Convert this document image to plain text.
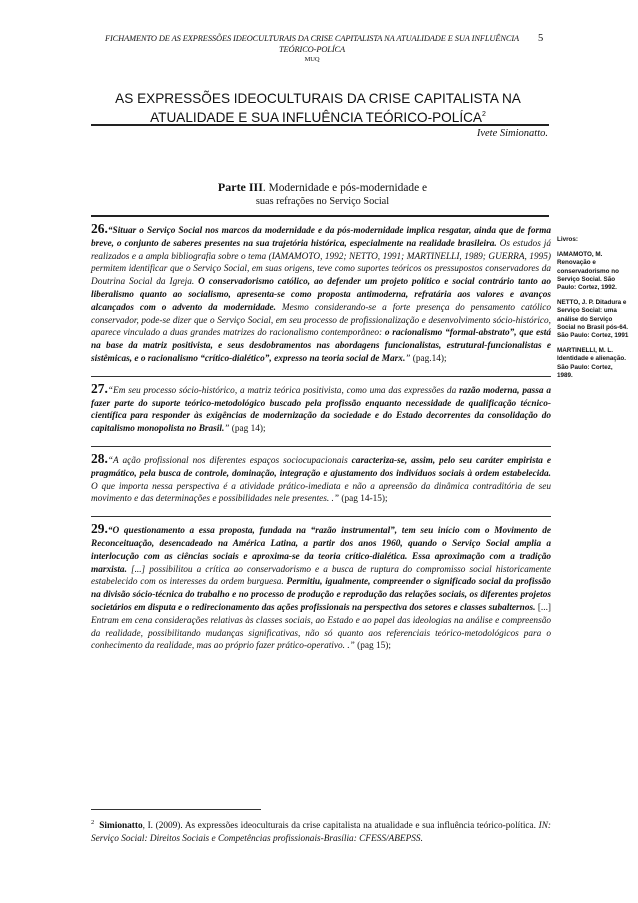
FICHAMENTO DE AS EXPRESSÕES IDEOCULTURAIS DA CRISE CAPITALISTA NA ATUALIDADE E SUA INFLUÊNCIA TEÓRICO-POLÍCA
MUQ
5
AS EXPRESSÕES IDEOCULTURAIS DA CRISE CAPITALISTA NA ATUALIDADE E SUA INFLUÊNCIA TEÓRICO-POLÍCA$^2$
Ivete Simionatto.
Parte III. Modernidade e pós-modernidade e
suas refrações no Serviço Social

26.“Situar o Serviço Social nos marcos da modernidade e da pós-modernidade implica resgatar, ainda que de forma breve, o conjunto de saberes presentes na sua trajetória histórica, especialmente na realidade brasileira. Os estudos já realizados e a ampla bibliografia sobre o tema (IAMAMOTO, 1992; NETTO, 1991; MARTINELLI, 1989; GUERRA, 1995) permitem identificar que o Serviço Social, em suas origens, teve como suportes teóricos os pressupostos conservadores da Doutrina Social da Igreja. O conservadorismo católico, ao defender um projeto político e social contrário tanto ao liberalismo quanto ao socialismo, apresenta-se como proposta antimoderna, refratária aos valores e avanços alcançados com o advento da modernidade. Mesmo considerando-se a forte presença do pensamento católico conservador, pode-se dizer que o Serviço Social, em seu processo de profissionalização e desenvolvimento sócio-histórico, aparece vinculado a duas grandes matrizes do racionalismo contemporâneo: o racionalismo “formal-abstrato”, que está na base da matriz positivista, e seus desdobramentos nas abordagens funcionalistas, estrutural-funcionalistas e sistêmicas, e o racionalismo “crítico-dialético”, expresso na teoria social de Marx.” (pag.14);

27.“Em seu processo sócio-histórico, a matriz teórica positivista, como uma das expressões da razão moderna, passa a fazer parte do suporte teórico-metodológico buscado pela profissão enquanto necessidade de qualificação técnico-científica para responder às exigências de modernização da sociedade e do Estado decorrentes da consolidação do capitalismo monopolista no Brasil.” (pag 14);

28.“A ação profissional nos diferentes espaços sociocupacionais caracteriza-se, assim, pelo seu caráter empirista e pragmático, pela busca de controle, dominação, integração e ajustamento dos indivíduos sociais à ordem estabelecida. O que importa nessa perspectiva é a atividade prático-imediata e não a apreensão da dinâmica contraditória de seu movimento e das determinações e possibilidades nele presentes. .” (pag 14-15);

29.“O questionamento a essa proposta, fundada na “razão instrumental”, tem seu início com o Movimento de Reconceituação, desencadeado na América Latina, a partir dos anos 1960, quando o Serviço Social amplia a interlocução com as ciências sociais e aproxima-se da teoria crítico-dialética. Essa aproximação com a tradição marxista. [...] possibilitou a crítica ao conservadorismo e a busca de ruptura do compromisso social historicamente estabelecido com os interesses da ordem burguesa. Permitiu, igualmente, compreender o significado social da profissão na divisão sócio-técnica do trabalho e no processo de produção e reprodução das relações sociais, os diferentes projetos societários em disputa e o redirecionamento das ações profissionais na perspectiva dos setores e classes subalternos. [...] Entram em cena considerações relativas às classes sociais, ao Estado e ao papel das ideologias na análise e compreensão da realidade, possibilitando mudanças significativas, não só quanto aos referenciais teórico-metodológicos para o conhecimento da realidade, mas ao próprio fazer prático-operativo. .” (pag 15);

Livros:
IAMAMOTO, M. Renovação e conservadorismo no Serviço Social. São Paulo: Cortez, 1992.
NETTO, J. P. Ditadura e Serviço Social: uma análise do Serviço Social no Brasil pós-64. São Paulo: Cortez, 1991
MARTINELLI, M. L. Identidade e alienação. São Paulo: Cortez, 1989.
$^2$ Simionatto, I. (2009). As expressões ideoculturais da crise capitalista na atualidade e sua influência teórico-política. IN: Serviço Social: Direitos Sociais e Competências profissionais-Brasília: CFESS/ABEPSS.
